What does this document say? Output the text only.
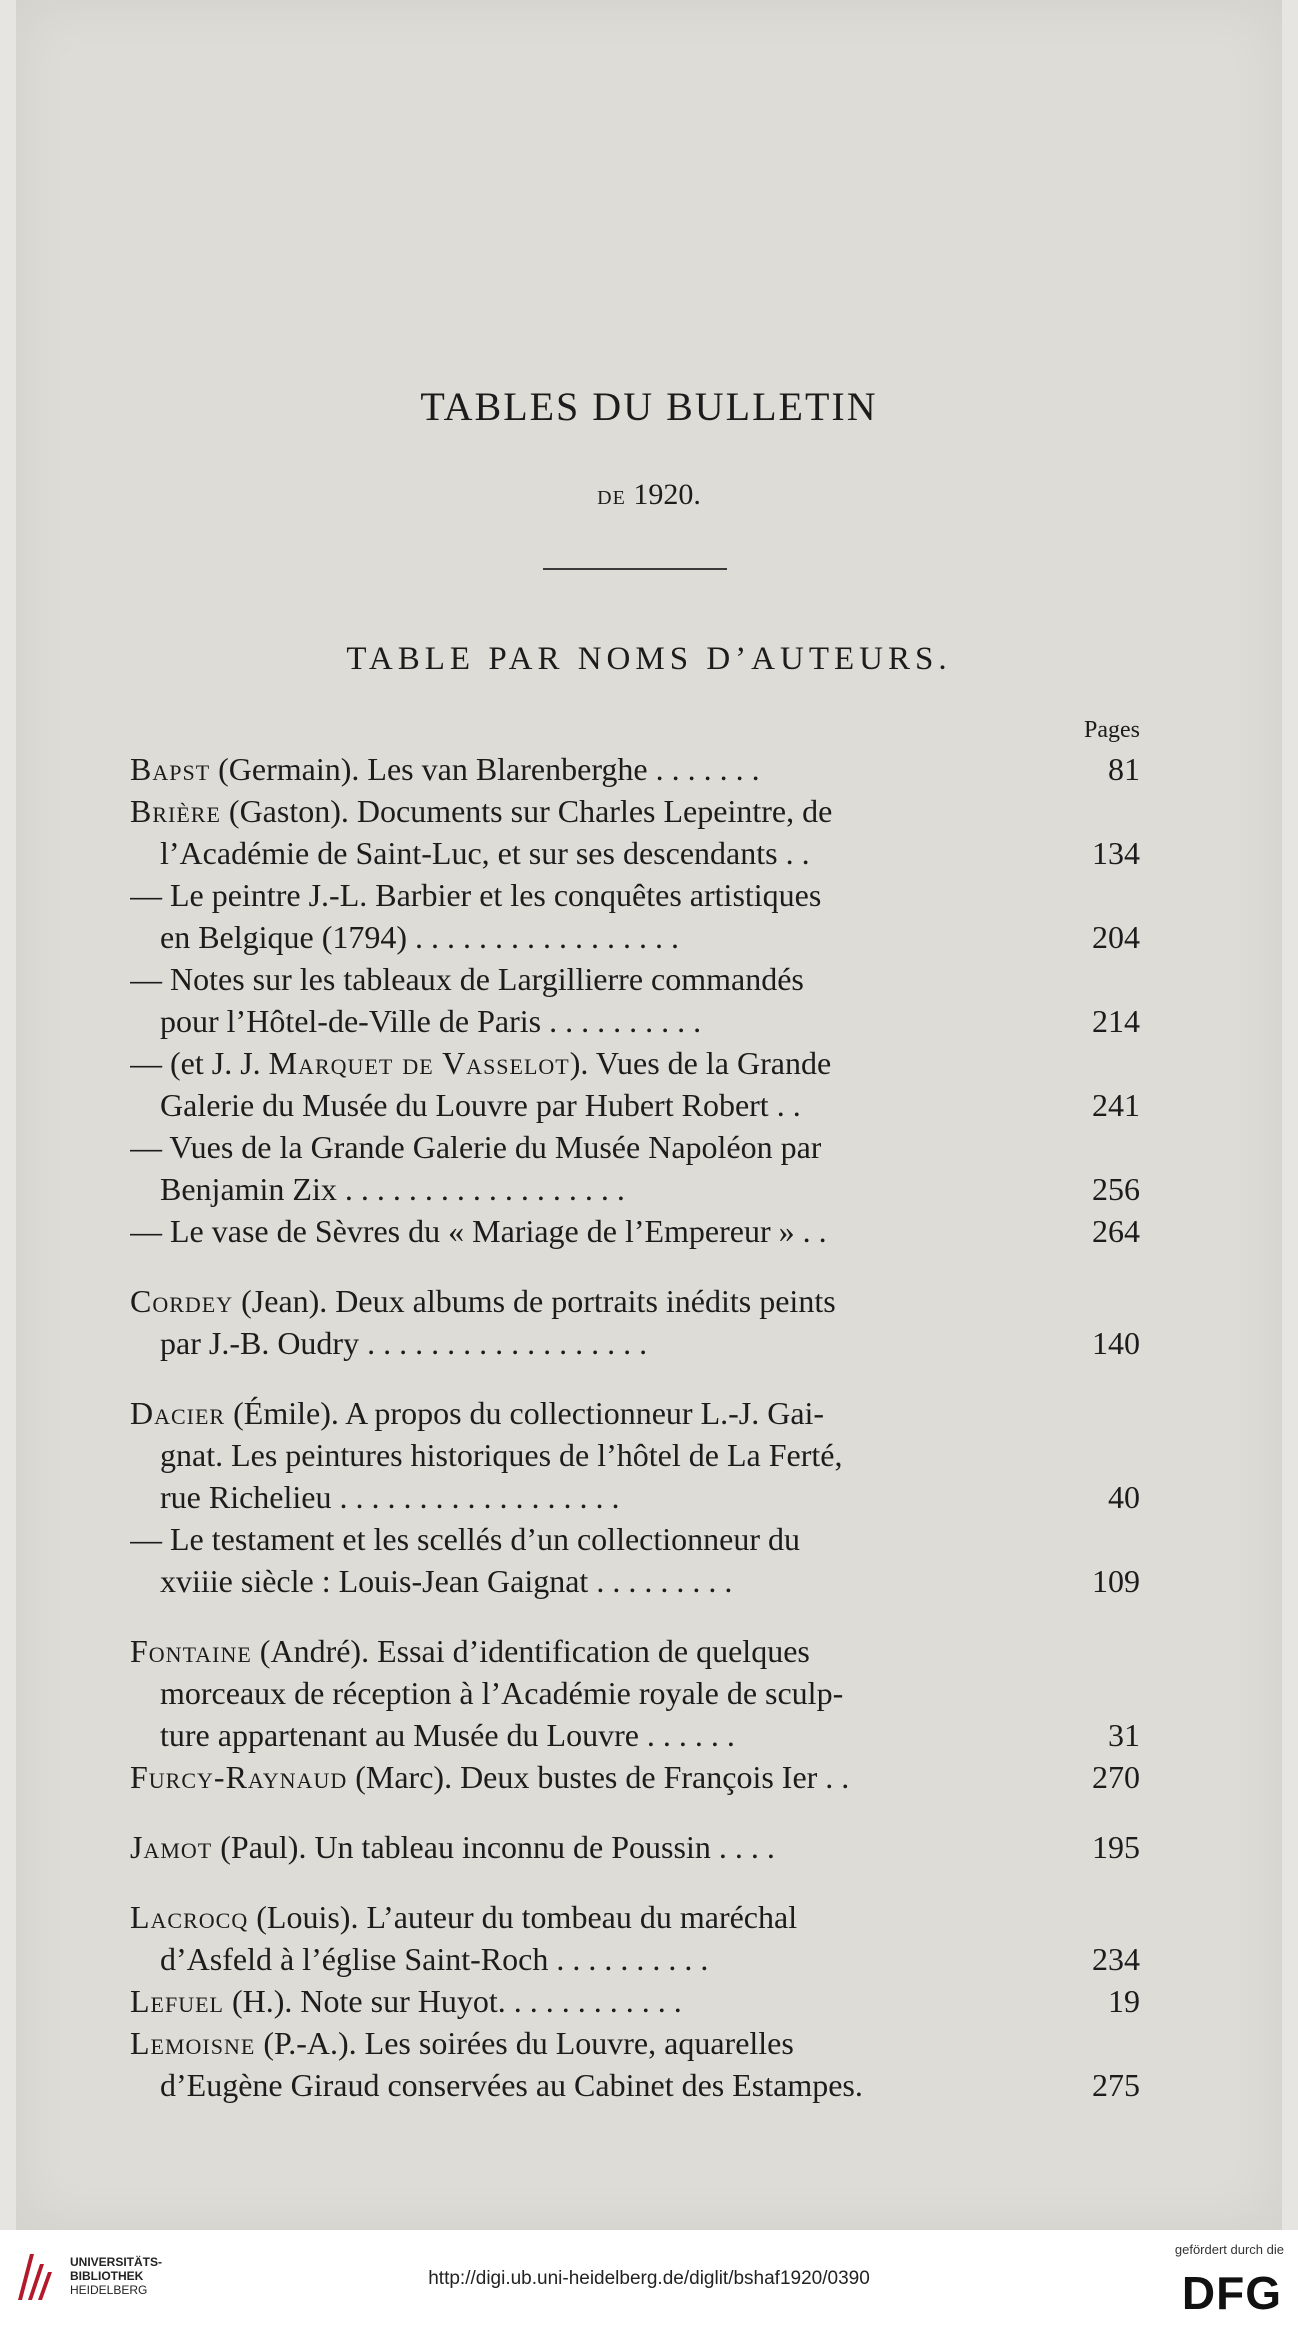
TABLES DU BULLETIN
de 1920.
TABLE PAR NOMS D’AUTEURS.
Pages
Bapst (Germain). Les van Blarenberghe . . . . . . .	81
Brière (Gaston). Documents sur Charles Lepeintre, de
l’Académie de Saint-Luc, et sur ses descendants . .	134
— Le peintre J.-L. Barbier et les conquêtes artistiques
en Belgique (1794) . . . . . . . . . . . . . . . . .	204
— Notes sur les tableaux de Largillierre commandés
pour l’Hôtel-de-Ville de Paris . . . . . . . . . .	214
— (et J. J. Marquet de Vasselot). Vues de la Grande
Galerie du Musée du Louvre par Hubert Robert . .	241
— Vues de la Grande Galerie du Musée Napoléon par
Benjamin Zix . . . . . . . . . . . . . . . . . .	256
— Le vase de Sèvres du « Mariage de l’Empereur » . .	264
Cordey (Jean). Deux albums de portraits inédits peints
par J.-B. Oudry . . . . . . . . . . . . . . . . . .	140
Dacier (Émile). A propos du collectionneur L.-J. Gai-
gnat. Les peintures historiques de l’hôtel de La Ferté,
rue Richelieu . . . . . . . . . . . . . . . . . .	40
— Le testament et les scellés d’un collectionneur du
xviiie siècle : Louis-Jean Gaignat . . . . . . . . .	109
Fontaine (André). Essai d’identification de quelques
morceaux de réception à l’Académie royale de sculp-
ture appartenant au Musée du Louvre . . . . . .	31
Furcy-Raynaud (Marc). Deux bustes de François Ier . .	270
Jamot (Paul). Un tableau inconnu de Poussin . . . .	195
Lacrocq (Louis). L’auteur du tombeau du maréchal
d’Asfeld à l’église Saint-Roch . . . . . . . . . .	234
Lefuel (H.). Note sur Huyot. . . . . . . . . . . .	19
Lemoisne (P.-A.). Les soirées du Louvre, aquarelles
d’Eugène Giraud conservées au Cabinet des Estampes.	275
UNIVERSITÄTS-
BIBLIOTHEK
HEIDELBERG
http://digi.ub.uni-heidelberg.de/diglit/bshaf1920/0390
gefördert durch die
DFG
